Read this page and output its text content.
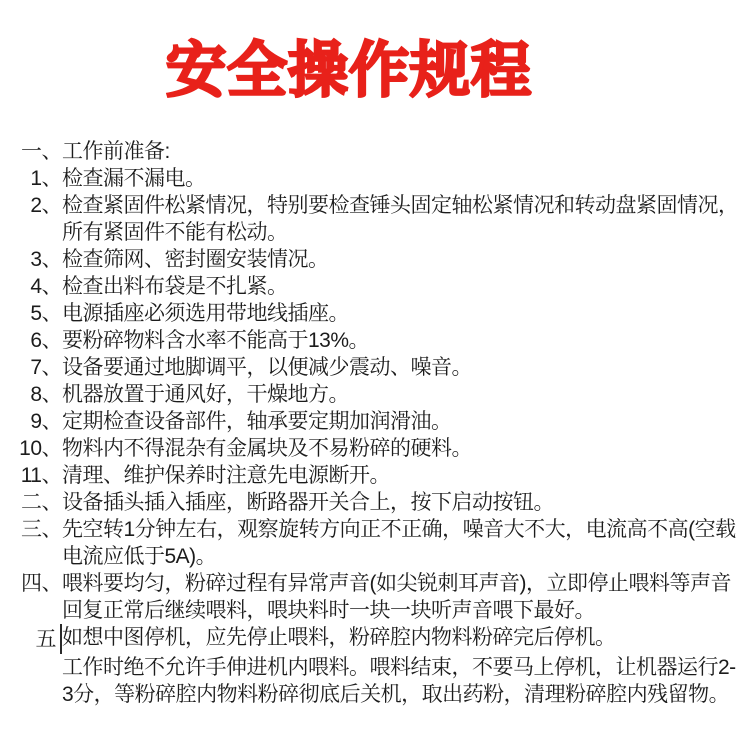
安全操作规程
一、 工作前准备:
1、 检查漏不漏电。
2、 检查紧固件松紧情况，特别要检查锤头固定轴松紧情况和转动盘紧固情况，所有紧固件不能有松动。
3、 检查筛网、密封圈安装情况。
4、 检查出料布袋是不扎紧。
5、 电源插座必须选用带地线插座。
6、 要粉碎物料含水率不能高于13%。
7、 设备要通过地脚调平，以便减少震动、噪音。
8、 机器放置于通风好，干燥地方。
9、 定期检查设备部件，轴承要定期加润滑油。
10、 物料内不得混杂有金属块及不易粉碎的硬料。
11、 清理、维护保养时注意先电源断开。
二、 设备插头插入插座，断路器开关合上，按下启动按钮。
三、 先空转1分钟左右，观察旋转方向正不正确，噪音大不大，电流高不高(空载电流应低于5A)。
四、 喂料要均匀，粉碎过程有异常声音(如尖锐刺耳声音)，立即停止喂料等声音回复正常后继续喂料，喂块料时一块一块听声音喂下最好。
五 如想中图停机，应先停止喂料，粉碎腔内物料粉碎完后停机。
工作时绝不允许手伸进机内喂料。喂料结束，不要马上停机，让机器运行2-3分，等粉碎腔内物料粉碎彻底后关机，取出药粉，清理粉碎腔内残留物。
